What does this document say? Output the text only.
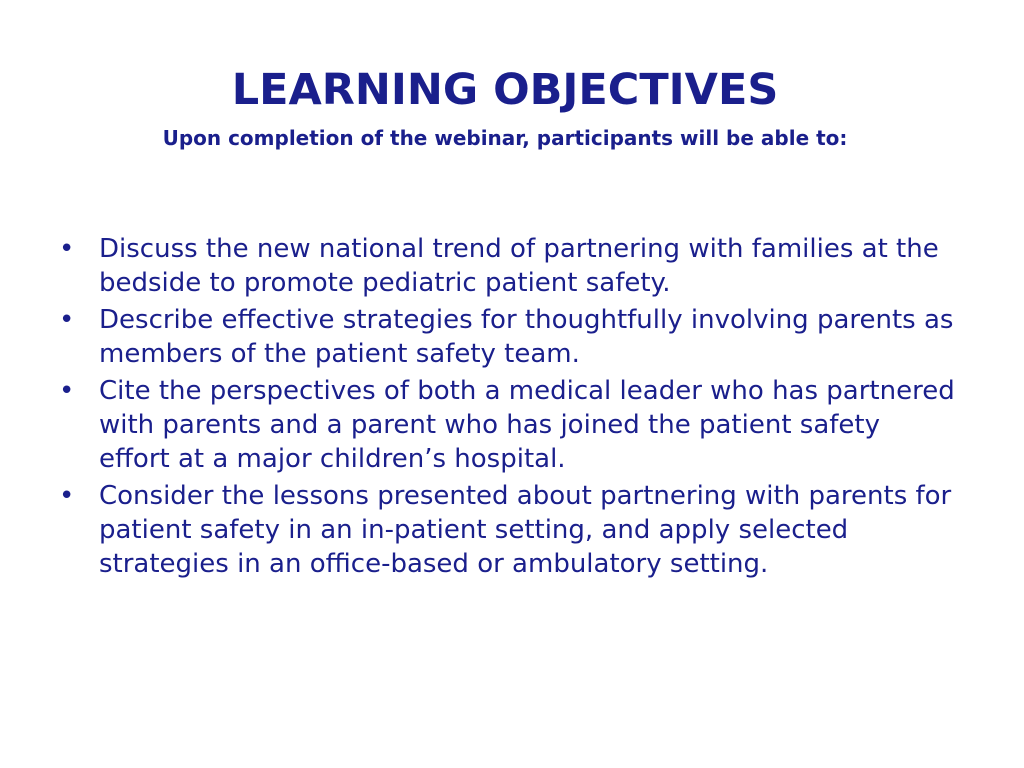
LEARNING OBJECTIVES
Upon completion of the webinar, participants will be able to:
• Discuss the new national trend of partnering with families at the bedside to promote pediatric patient safety.
• Describe effective strategies for thoughtfully involving parents as members of the patient safety team.
• Cite the perspectives of both a medical leader who has partnered with parents and a parent who has joined the patient safety effort at a major children’s hospital.
• Consider the lessons presented about partnering with parents for patient safety in an in-patient setting, and apply selected strategies in an office-based or ambulatory setting.
